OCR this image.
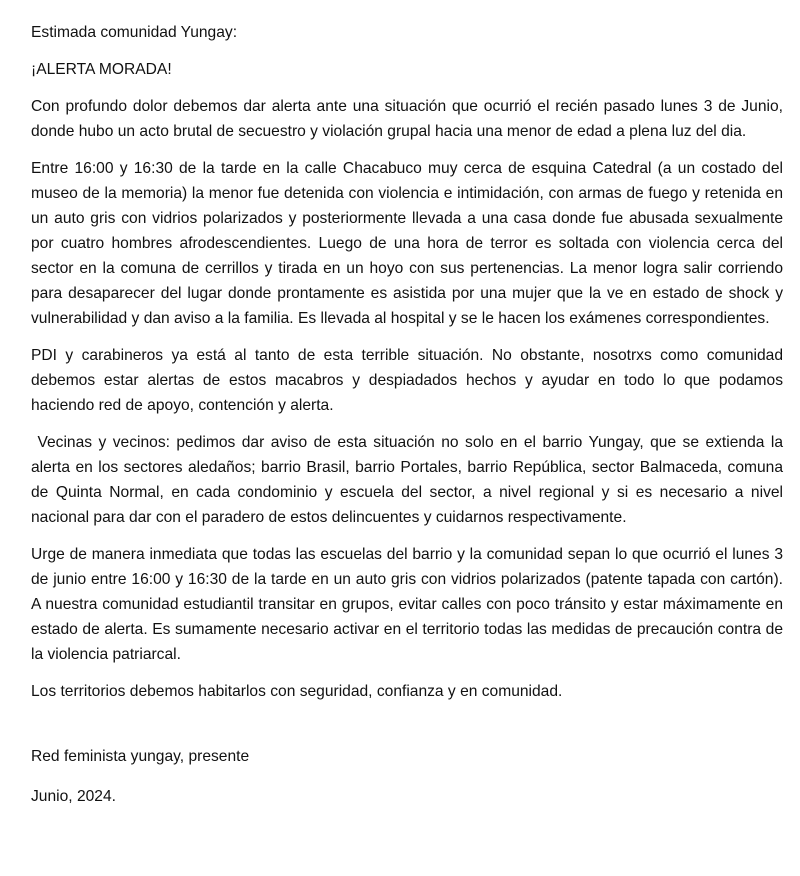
Estimada comunidad Yungay:

¡ALERTA MORADA!

Con profundo dolor debemos dar alerta ante una situación que ocurrió el recién pasado lunes 3 de Junio, donde hubo un acto brutal de secuestro y violación grupal hacia una menor de edad a plena luz del dia.

Entre 16:00 y 16:30 de la tarde en la calle Chacabuco muy cerca de esquina Catedral (a un costado del museo de la memoria) la menor fue detenida con violencia e intimidación, con armas de fuego y retenida en un auto gris con vidrios polarizados y posteriormente llevada a una casa donde fue abusada sexualmente por cuatro hombres afrodescendientes. Luego de una hora de terror es soltada con violencia cerca del sector en la comuna de cerrillos y tirada en un hoyo con sus pertenencias. La menor logra salir corriendo para desaparecer del lugar donde prontamente es asistida por una mujer que la ve en estado de shock y vulnerabilidad y dan aviso a la familia. Es llevada al hospital y se le hacen los exámenes correspondientes.

PDI y carabineros ya está al tanto de esta terrible situación. No obstante, nosotrxs como comunidad debemos estar alertas de estos macabros y despiadados hechos y ayudar en todo lo que podamos haciendo red de apoyo, contención y alerta.

Vecinas y vecinos: pedimos dar aviso de esta situación no solo en el barrio Yungay, que se extienda la alerta en los sectores aledaños; barrio Brasil, barrio Portales, barrio República, sector Balmaceda, comuna de Quinta Normal, en cada condominio y escuela del sector, a nivel regional y si es necesario a nivel nacional para dar con el paradero de estos delincuentes y cuidarnos respectivamente.

Urge de manera inmediata que todas las escuelas del barrio y la comunidad sepan lo que ocurrió el lunes 3 de junio entre 16:00 y 16:30 de la tarde en un auto gris con vidrios polarizados (patente tapada con cartón). A nuestra comunidad estudiantil transitar en grupos, evitar calles con poco tránsito y estar máximamente en estado de alerta. Es sumamente necesario activar en el territorio todas las medidas de precaución contra de la violencia patriarcal.

Los territorios debemos habitarlos con seguridad, confianza y en comunidad.

Red feminista yungay, presente

Junio, 2024.
